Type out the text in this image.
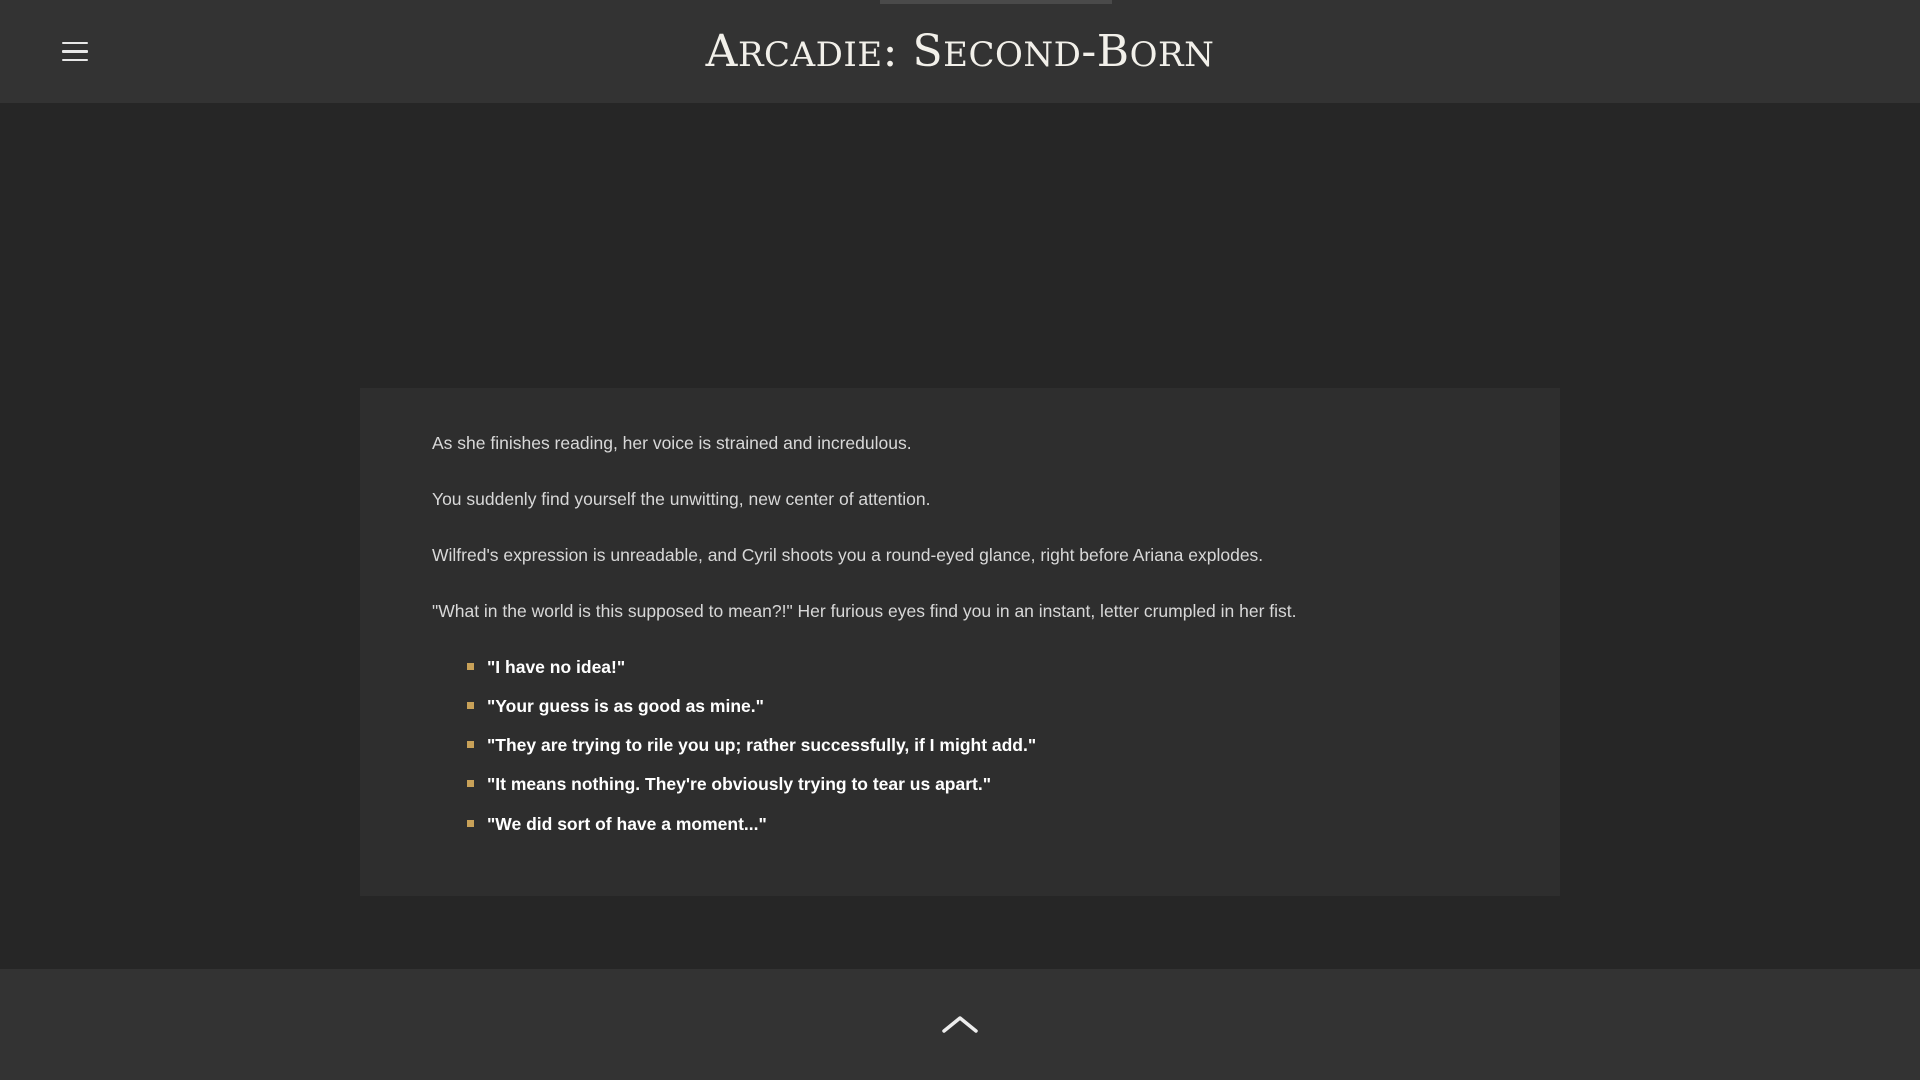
ARCADIE: SECOND-BORN

As she finishes reading, her voice is strained and incredulous.

You suddenly find yourself the unwitting, new center of attention.

Wilfred's expression is unreadable, and Cyril shoots you a round-eyed glance, right before Ariana explodes.

"What in the world is this supposed to mean?!" Her furious eyes find you in an instant, letter crumpled in her fist.

"I have no idea!"
"Your guess is as good as mine."
"They are trying to rile you up; rather successfully, if I might add."
"It means nothing. They're obviously trying to tear us apart."
"We did sort of have a moment..."
